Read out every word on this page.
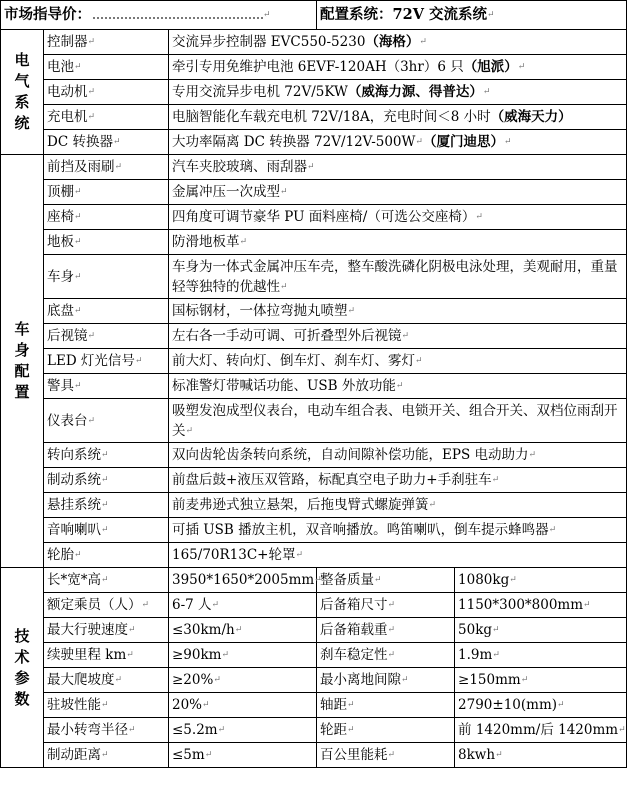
市场指导价： ↵			配置系统：72V 交流系统↵	

电
气
系
统	控制器↵	交流异步控制器 EVC550-5230（海格）↵		
	电池↵	牵引专用免维护电池 6EVF-120AH（3hr）6 只（旭派）↵		
	电动机↵	专用交流异步电机 72V/5KW（威海力源、得普达）↵		
	充电机↵	电脑智能化车载充电机 72V/18A，充电时间＜8 小时（威海天力）		
	DC 转换器↵	大功率隔离 DC 转换器 72V/12V-500W↵（厦门迪思）↵		

车
身
配
置	前挡及雨刷↵	汽车夹胶玻璃、雨刮器↵		
	顶棚↵	金属冲压一次成型↵		
	座椅↵	四角度可调节豪华 PU 面料座椅/（可选公交座椅）↵		
	地板↵	防滑地板革↵		
	车身↵	车身为一体式金属冲压车壳，整车酸洗磷化阴极电泳处理，美观耐用，重量轻等独特的优越性↵		
	底盘↵	国标钢材，一体拉弯抛丸喷塑↵		
	后视镜↵	左右各一手动可调、可折叠型外后视镜↵		
	LED 灯光信号↵	前大灯、转向灯、倒车灯、刹车灯、雾灯↵		
	警具↵	标准警灯带喊话功能、USB 外放功能↵		
	仪表台↵	吸塑发泡成型仪表台，电动车组合表、电锁开关、组合开关、双档位雨刮开关↵		
	转向系统↵	双向齿轮齿条转向系统，自动间隙补偿功能，EPS 电动助力↵		
	制动系统↵	前盘后鼓+液压双管路，标配真空电子助力+手刹驻车↵		
	悬挂系统↵	前麦弗逊式独立悬架，后拖曳臂式螺旋弹簧↵		
	音响喇叭↵	可插 USB 播放主机，双音响播放。鸣笛喇叭，倒车提示蜂鸣器↵		
	轮胎↵	165/70R13C+轮罩↵		

技
术
参
数	长*宽*高↵	3950*1650*2005mm↵	整备质量↵	1080kg↵
	额定乘员（人）↵	6-7 人↵	后备箱尺寸↵	1150*300*800mm↵
	最大行驶速度↵	≤30km/h↵	后备箱载重↵	50kg↵
	续驶里程 km↵	≥90km↵	刹车稳定性↵	1.9m↵
	最大爬坡度↵	≥20%↵	最小离地间隙↵	≥150mm↵
	驻坡性能↵	20%↵	轴距↵	2790±10(mm)↵
	最小转弯半径↵	≤5.2m↵	轮距↵	前 1420mm/后 1420mm↵
	制动距离↵	≤5m↵	百公里能耗↵	8kwh↵
